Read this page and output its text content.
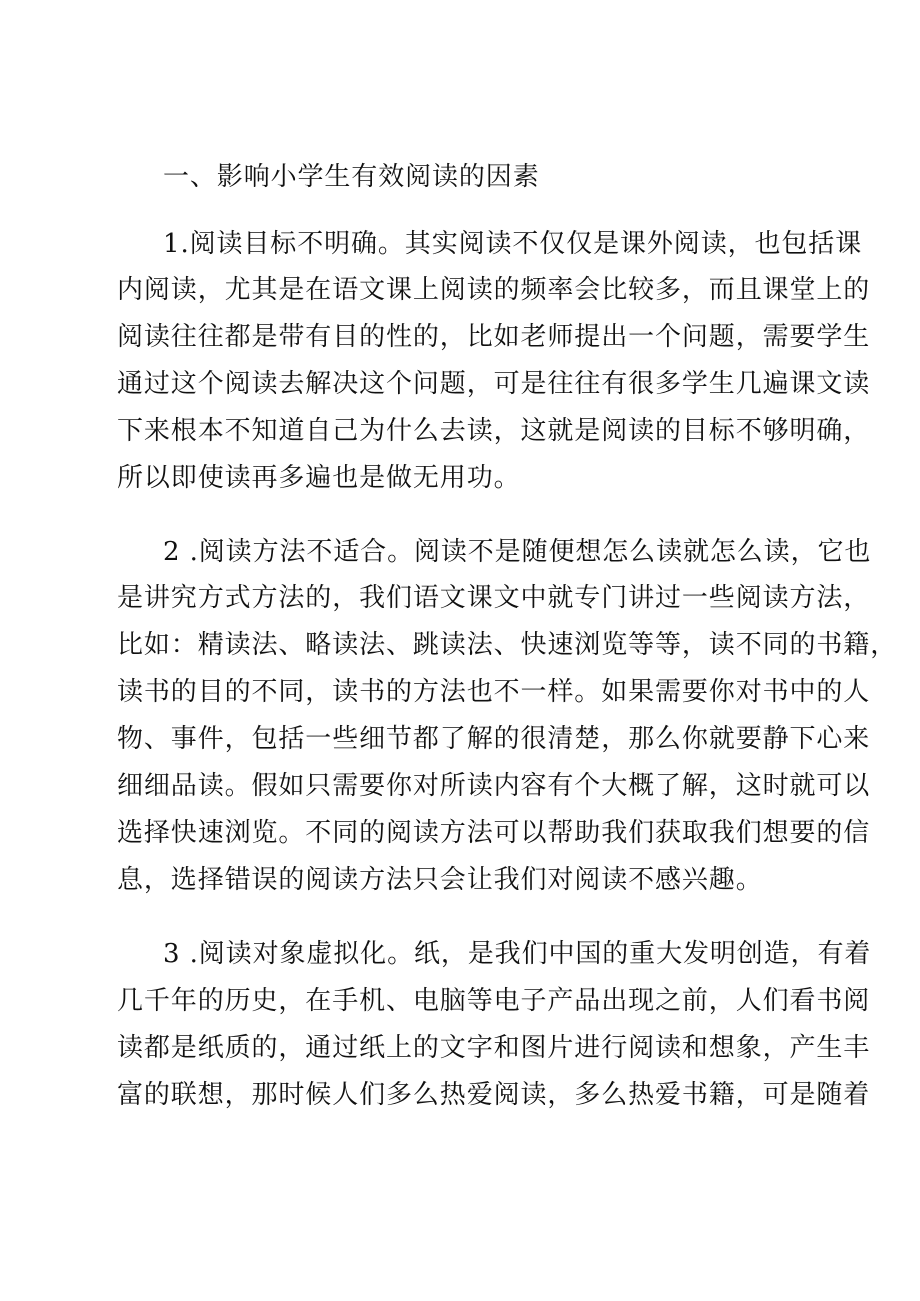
一、影响小学生有效阅读的因素
1.阅读目标不明确。其实阅读不仅仅是课外阅读，也包括课
内阅读，尤其是在语文课上阅读的频率会比较多，而且课堂上的
阅读往往都是带有目的性的，比如老师提出一个问题，需要学生
通过这个阅读去解决这个问题，可是往往有很多学生几遍课文读
下来根本不知道自己为什么去读，这就是阅读的目标不够明确，
所以即使读再多遍也是做无用功。
2 .阅读方法不适合。阅读不是随便想怎么读就怎么读，它也
是讲究方式方法的，我们语文课文中就专门讲过一些阅读方法，
比如：精读法、略读法、跳读法、快速浏览等等，读不同的书籍，
读书的目的不同，读书的方法也不一样。如果需要你对书中的人
物、事件，包括一些细节都了解的很清楚，那么你就要静下心来
细细品读。假如只需要你对所读内容有个大概了解，这时就可以
选择快速浏览。不同的阅读方法可以帮助我们获取我们想要的信
息，选择错误的阅读方法只会让我们对阅读不感兴趣。
3 .阅读对象虚拟化。纸，是我们中国的重大发明创造，有着
几千年的历史，在手机、电脑等电子产品出现之前，人们看书阅
读都是纸质的，通过纸上的文字和图片进行阅读和想象，产生丰
富的联想，那时候人们多么热爱阅读，多么热爱书籍，可是随着
